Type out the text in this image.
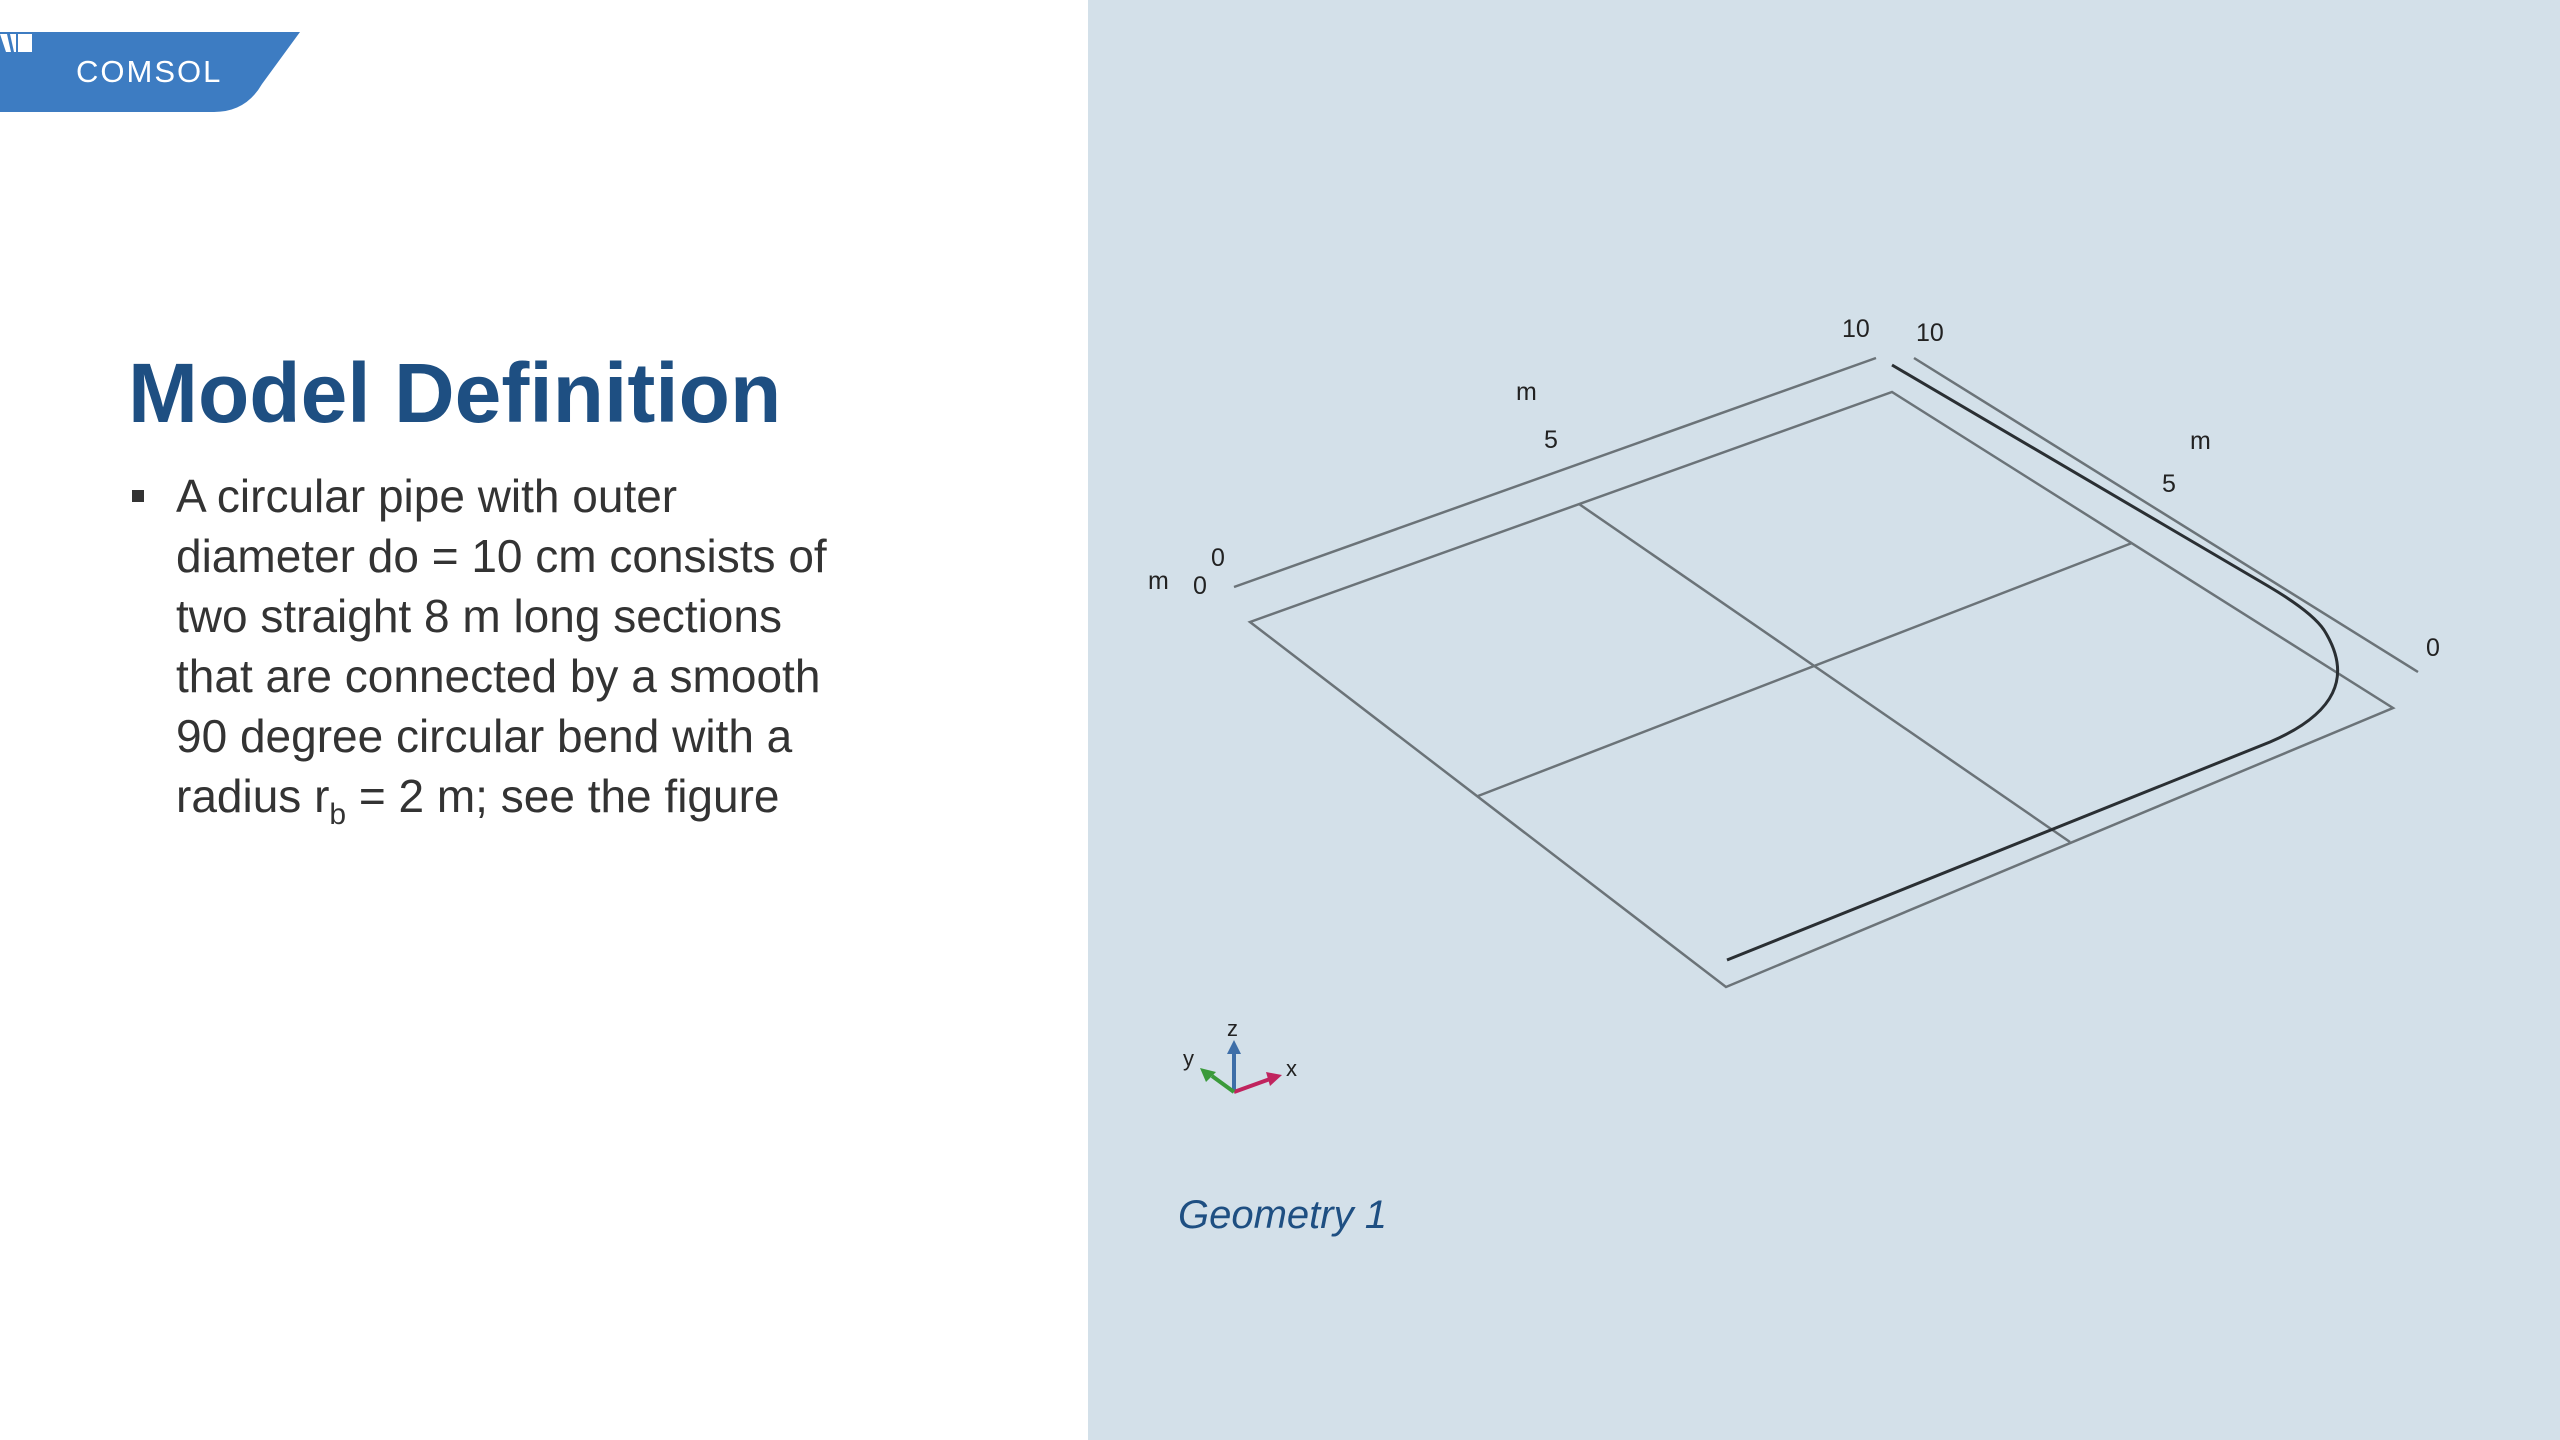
COMSOL
Model Definition
A circular pipe with outer
diameter do = 10 cm consists of
two straight 8 m long sections
that are connected by a smooth
90 degree circular bend with a
radius $r_b = 2$ m; see the figure
m
0
5
10 10
5
m
0
m 0
z
x
y
Geometry 1
